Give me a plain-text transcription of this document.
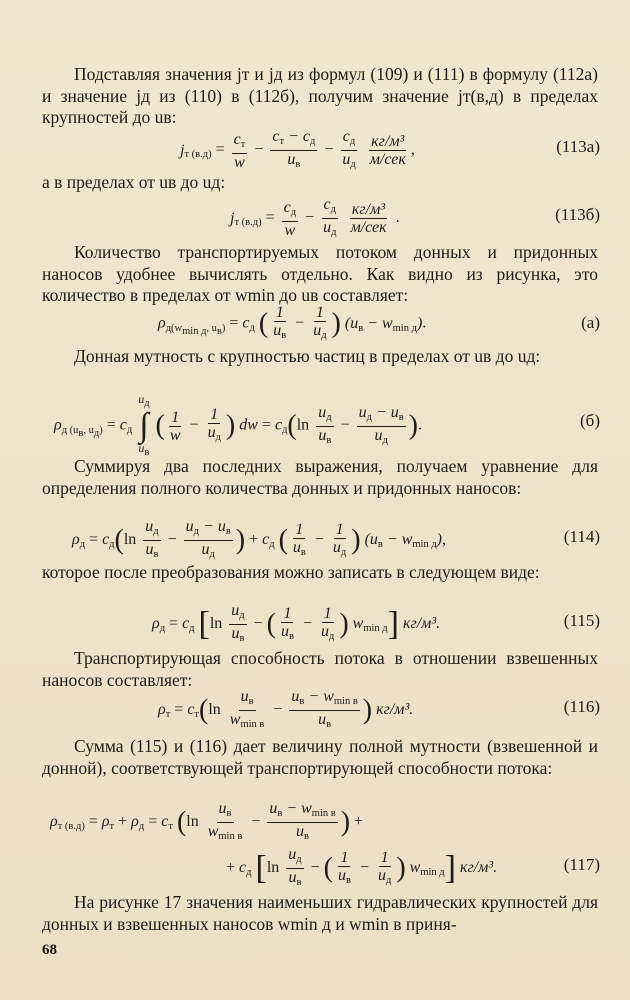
Подставляя значения jт и jд из формул (109) и (111) в формулу (112а) и значение jд из (110) в (112б), получим значение jт(в,д) в пределах крупностей до uв:

jт $(в.д) = \frac{c_т}{w} - \frac{c_т - c_д}{u_в} - \frac{c_д}{u_д}$
$\frac{\text{кг/м³}}{\text{м/сек}}$ ,	(113а)

а в пределах от uв до uд:

jт $(в.д) = \frac{c_д}{w} - \frac{c_д}{u_д}$
$\frac{\text{кг/м³}}{\text{м/сек}}$ .	(113б)

Количество транспортируемых потоком донных и придонных наносов удобнее вычислять отдельно. Как видно из рисунка, это количество в пределах от wmin до uв составляет:

$\rho д(w_{min д}$, $u_в) = c_д$ ( $\frac{1}{u_в} - \frac{1}{u_д}$ ) $(u_в - w_{min д})$.	(а)

Донная мутность с крупностью частиц в пределах от uв до uд:

ρд ($u_в$, $u_д) = c_д$
$u_д$
∫
$u_в$
( $\frac{1}{w} - \frac{1}{u_д}$ ) dw = $c_д(\ln \frac{u_д}{u_в} - \frac{u_д - u_в}{u_д}$ ).	(б)

Суммируя два последних выражения, получаем уравнение для определения полного количества донных и придонных наносов:

$\rho_д = c_д(\ln \frac{u_д}{u_в} - \frac{u_д - u_в}{u_д}$ ) + $c_д$ ( $\frac{1}{u_в} - \frac{1}{u_д}$ ) $(u_в - w_{min д})$,	(114)

которое после преобразования можно записать в следующем виде:

$\rho_д = c_д$ [$\ln \frac{u_д}{u_в}$ − ( $\frac{1}{u_в} - \frac{1}{u_д}$ ) $w_{min д}$] кг/м³.	(115)

Транспортирующая способность потока в отношении взвешенных наносов составляет:

$\rho_т = c_т(\ln \frac{u_в}{w_{min в}} - \frac{u_в - w_{min в}}{u_в}$ ) кг/м³.	(116)

Сумма (115) и (116) дает величину полной мутности (взвешенной и донной), соответствующей транспортирующей способности потока:

ρт $(в.д) = \rho_т + \rho_д = c_т$ ($\ln \frac{u_в}{w_{min в}} - \frac{u_в - w_{min в}}{u_в}$ ) +
+ $c_д$ [$\ln \frac{u_д}{u_в}$ − ( $\frac{1}{u_в} - \frac{1}{u_д}$ ) $w_{min д}$] кг/м³.	(117)

На рисунке 17 значения наименьших гидравлических крупностей для донных и взвешенных наносов wmin д и wmin в приня-

68
